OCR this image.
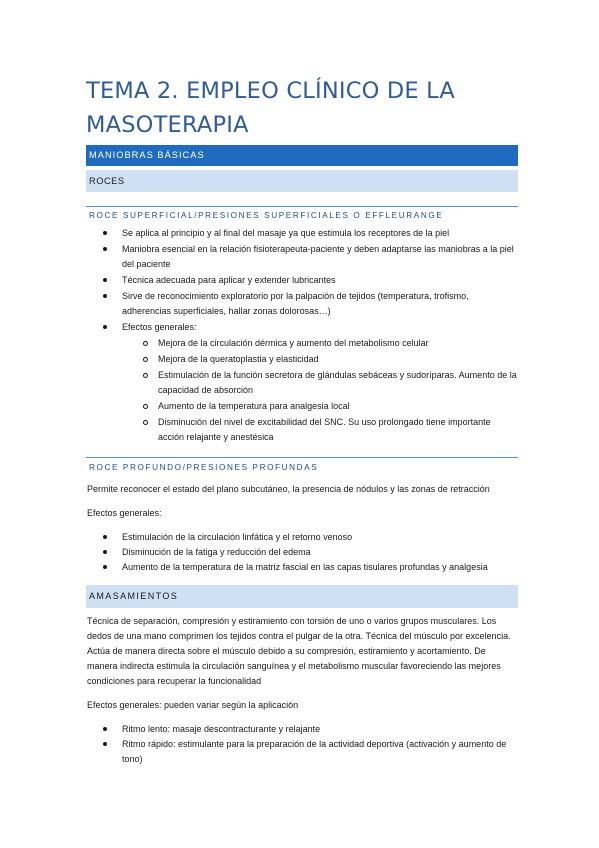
TEMA 2. EMPLEO CLÍNICO DE LA MASOTERAPIA
MANIOBRAS BÁSICAS
ROCES
ROCE SUPERFICIAL/PRESIONES SUPERFICIALES O EFFLEURANGE
Se aplica al principio y al final del masaje ya que estimula los receptores de la piel
Maniobra esencial en la relación fisioterapeuta-paciente y deben adaptarse las maniobras a la piel del paciente
Técnica adecuada para aplicar y extender lubricantes
Sirve de reconocimiento exploratorio por la palpación de tejidos (temperatura, trofismo, adherencias superficiales, hallar zonas dolorosas…)
Efectos generales:
Mejora de la circulación dérmica y aumento del metabolismo celular
Mejora de la queratoplastia y elasticidad
Estimulación de la función secretora de glándulas sebáceas y sudoríparas. Aumento de la capacidad de absorción
Aumento de la temperatura para analgesia local
Disminución del nivel de excitabilidad del SNC. Su uso prolongado tiene importante acción relajante y anestésica
ROCE PROFUNDO/PRESIONES PROFUNDAS

Permite reconocer el estado del plano subcutáneo, la presencia de nódulos y las zonas de retracción

Efectos generales:

Estimulación de la circulación linfática y el retorno venoso
Disminución de la fatiga y reducción del edema
Aumento de la temperatura de la matriz fascial en las capas tisulares profundas y analgesia
AMASAMIENTOS

Técnica de separación, compresión y estiramiento con torsión de uno o varios grupos musculares. Los dedos de una mano comprimen los tejidos contra el pulgar de la otra. Técnica del músculo por excelencia. Actúa de manera directa sobre el músculo debido a su compresión, estiramiento y acortamiento. De manera indirecta estimula la circulación sanguínea y el metabolismo muscular favoreciendo las mejores condiciones para recuperar la funcionalidad

Efectos generales: pueden variar según la aplicación

Ritmo lento: masaje descontracturante y relajante
Ritmo rápido: estimulante para la preparación de la actividad deportiva (activación y aumento de tono)
